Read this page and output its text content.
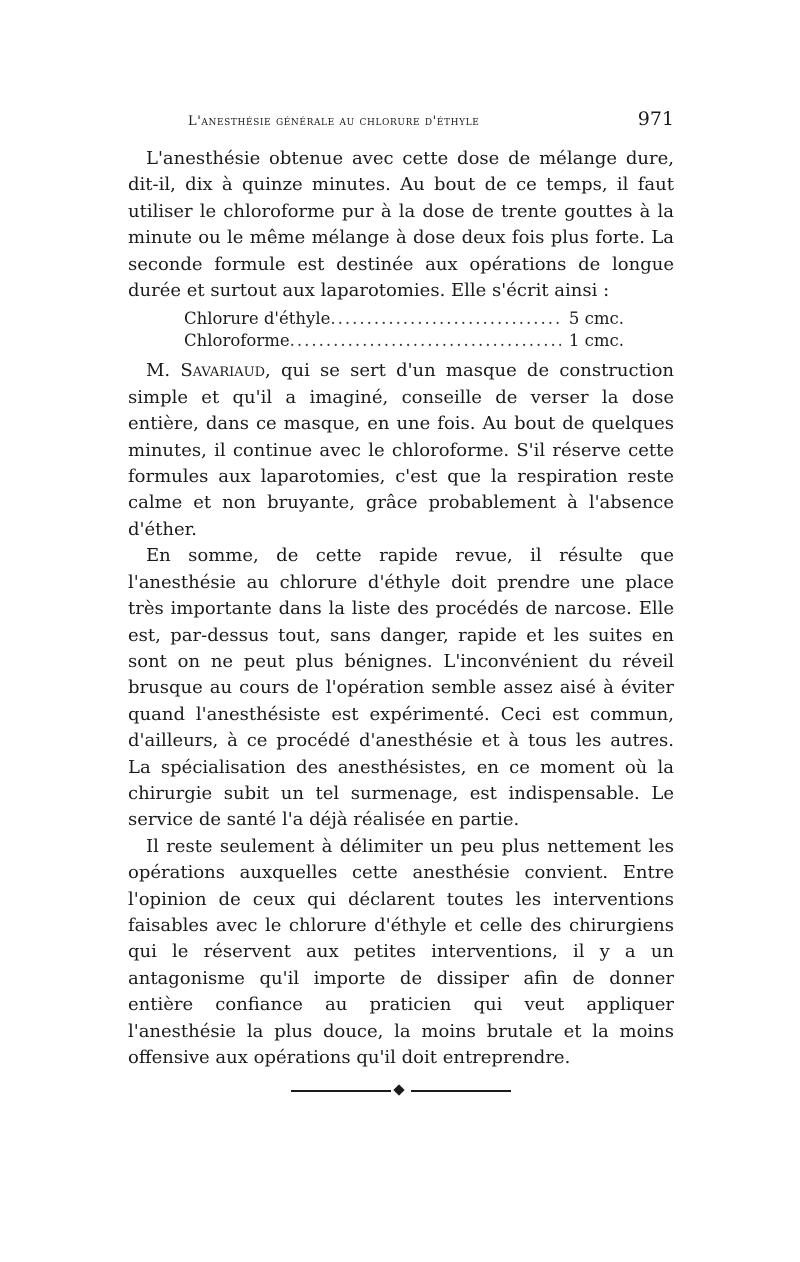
L'anesthésie générale au chlorure d'éthyle	971

L'anesthésie obtenue avec cette dose de mélange dure, dit-il, dix à quinze minutes. Au bout de ce temps, il faut utiliser le chloroforme pur à la dose de trente gouttes à la minute ou le même mélange à dose deux fois plus forte. La seconde formule est destinée aux opérations de longue durée et surtout aux laparotomies. Elle s'écrit ainsi :

Chlorure d'éthyle .....	5 cmc.
Chloroforme .....	1 cmc.

M. Savariaud, qui se sert d'un masque de construction simple et qu'il a imaginé, conseille de verser la dose entière, dans ce masque, en une fois. Au bout de quelques minutes, il continue avec le chloroforme. S'il réserve cette formules aux laparotomies, c'est que la respiration reste calme et non bruyante, grâce probablement à l'absence d'éther.

En somme, de cette rapide revue, il résulte que l'anesthésie au chlorure d'éthyle doit prendre une place très importante dans la liste des procédés de narcose. Elle est, par-dessus tout, sans danger, rapide et les suites en sont on ne peut plus bénignes. L'inconvénient du réveil brusque au cours de l'opération semble assez aisé à éviter quand l'anesthésiste est expérimenté. Ceci est commun, d'ailleurs, à ce procédé d'anesthésie et à tous les autres. La spécialisation des anesthésistes, en ce moment où la chirurgie subit un tel surmenage, est indispensable. Le service de santé l'a déjà réalisée en partie.

Il reste seulement à délimiter un peu plus nettement les opérations auxquelles cette anesthésie convient. Entre l'opinion de ceux qui déclarent toutes les interventions faisables avec le chlorure d'éthyle et celle des chirurgiens qui le réservent aux petites interventions, il y a un antagonisme qu'il importe de dissiper afin de donner entière confiance au praticien qui veut appliquer l'anesthésie la plus douce, la moins brutale et la moins offensive aux opérations qu'il doit entreprendre.
